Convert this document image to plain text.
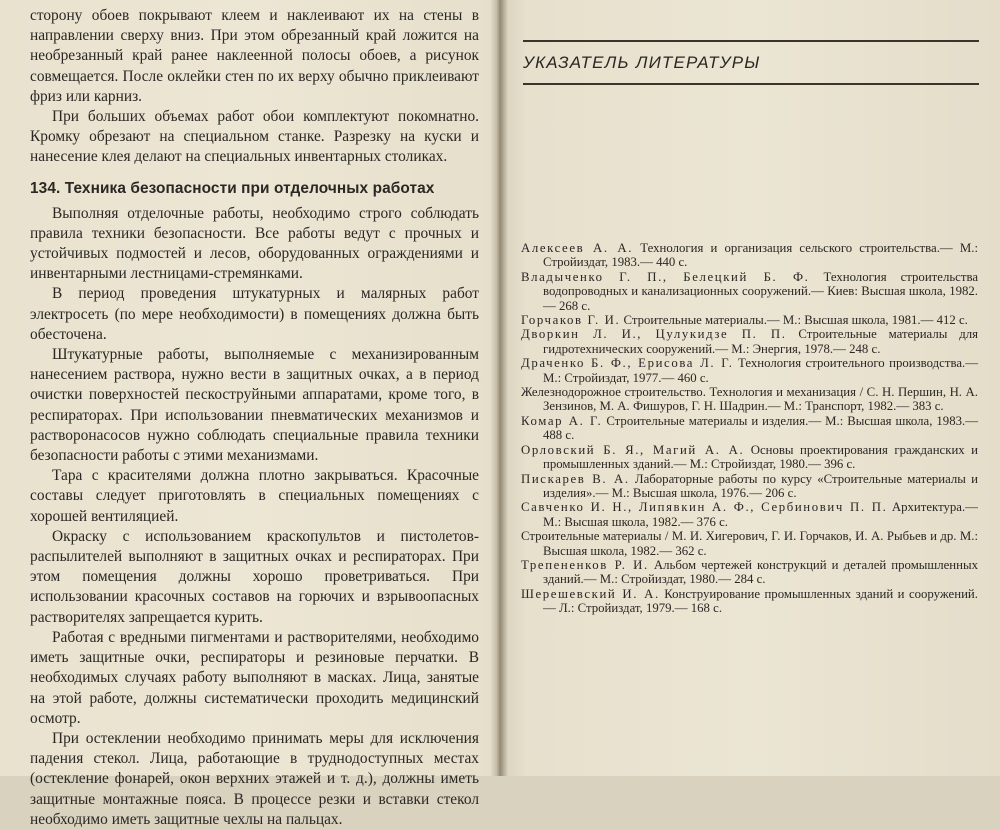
сторону обоев покрывают клеем и наклеивают их на стены в направлении сверху вниз. При этом обрезанный край ложится на необрезанный край ранее наклеенной полосы обоев, а рисунок совмещается. После оклейки стен по их верху обычно приклеивают фриз или карниз.

При больших объемах работ обои комплектуют покомнатно. Кромку обрезают на специальном станке. Разрезку на куски и нанесение клея делают на специальных инвентарных столиках.

134. Техника безопасности при отделочных работах

Выполняя отделочные работы, необходимо строго соблюдать правила техники безопасности. Все работы ведут с прочных и устойчивых подмостей и лесов, оборудованных ограждениями и инвентарными лестницами-стремянками.

В период проведения штукатурных и малярных работ электросеть (по мере необходимости) в помещениях должна быть обесточена.

Штукатурные работы, выполняемые с механизированным нанесением раствора, нужно вести в защитных очках, а в период очистки поверхностей пескоструйными аппаратами, кроме того, в респираторах. При использовании пневматических механизмов и растворонасосов нужно соблюдать специальные правила техники безопасности работы с этими механизмами.

Тара с красителями должна плотно закрываться. Красочные составы следует приготовлять в специальных помещениях с хорошей вентиляцией.

Окраску с использованием краскопультов и пистолетов-распылителей выполняют в защитных очках и респираторах. При этом помещения должны хорошо проветриваться. При использовании красочных составов на горючих и взрывоопасных растворителях запрещается курить.

Работая с вредными пигментами и растворителями, необходимо иметь защитные очки, респираторы и резиновые перчатки. В необходимых случаях работу выполняют в масках. Лица, занятые на этой работе, должны систематически проходить медицинский осмотр.

При остеклении необходимо принимать меры для исключения падения стекол. Лица, работающие в труднодоступных местах (остекление фонарей, окон верхних этажей и т. д.), должны иметь защитные монтажные пояса. В процессе резки и вставки стекол необходимо иметь защитные чехлы на пальцах.

УКАЗАТЕЛЬ ЛИТЕРАТУРЫ

Алексеев А. А. Технология и организация сельского строительства.— М.: Стройиздат, 1983.— 440 с.

Владыченко Г. П., Белецкий Б. Ф. Технология строительства водопроводных и канализационных сооружений.— Киев: Высшая школа, 1982.— 268 с.

Горчаков Г. И. Строительные материалы.— М.: Высшая школа, 1981.— 412 с.

Дворкин Л. И., Цулукидзе П. П. Строительные материалы для гидротехнических сооружений.— М.: Энергия, 1978.— 248 с.

Драченко Б. Ф., Ерисова Л. Г. Технология строительного производства.— М.: Стройиздат, 1977.— 460 с.

Железнодорожное строительство. Технология и механизация / С. Н. Першин, Н. А. Зензинов, М. А. Фишуров, Г. Н. Шадрин.— М.: Транспорт, 1982.— 383 с.

Комар А. Г. Строительные материалы и изделия.— М.: Высшая школа, 1983.— 488 с.

Орловский Б. Я., Магий А. А. Основы проектирования гражданских и промышленных зданий.— М.: Стройиздат, 1980.— 396 с.

Пискарев В. А. Лабораторные работы по курсу «Строительные материалы и изделия».— М.: Высшая школа, 1976.— 206 с.

Савченко И. Н., Липявкин А. Ф., Сербинович П. П. Архитектура.— М.: Высшая школа, 1982.— 376 с.

Строительные материалы / М. И. Хигерович, Г. И. Горчаков, И. А. Рыбьев и др. М.: Высшая школа, 1982.— 362 с.

Трепененков Р. И. Альбом чертежей конструкций и деталей промышленных зданий.— М.: Стройиздат, 1980.— 284 с.

Шерешевский И. А. Конструирование промышленных зданий и сооружений.— Л.: Стройиздат, 1979.— 168 с.
